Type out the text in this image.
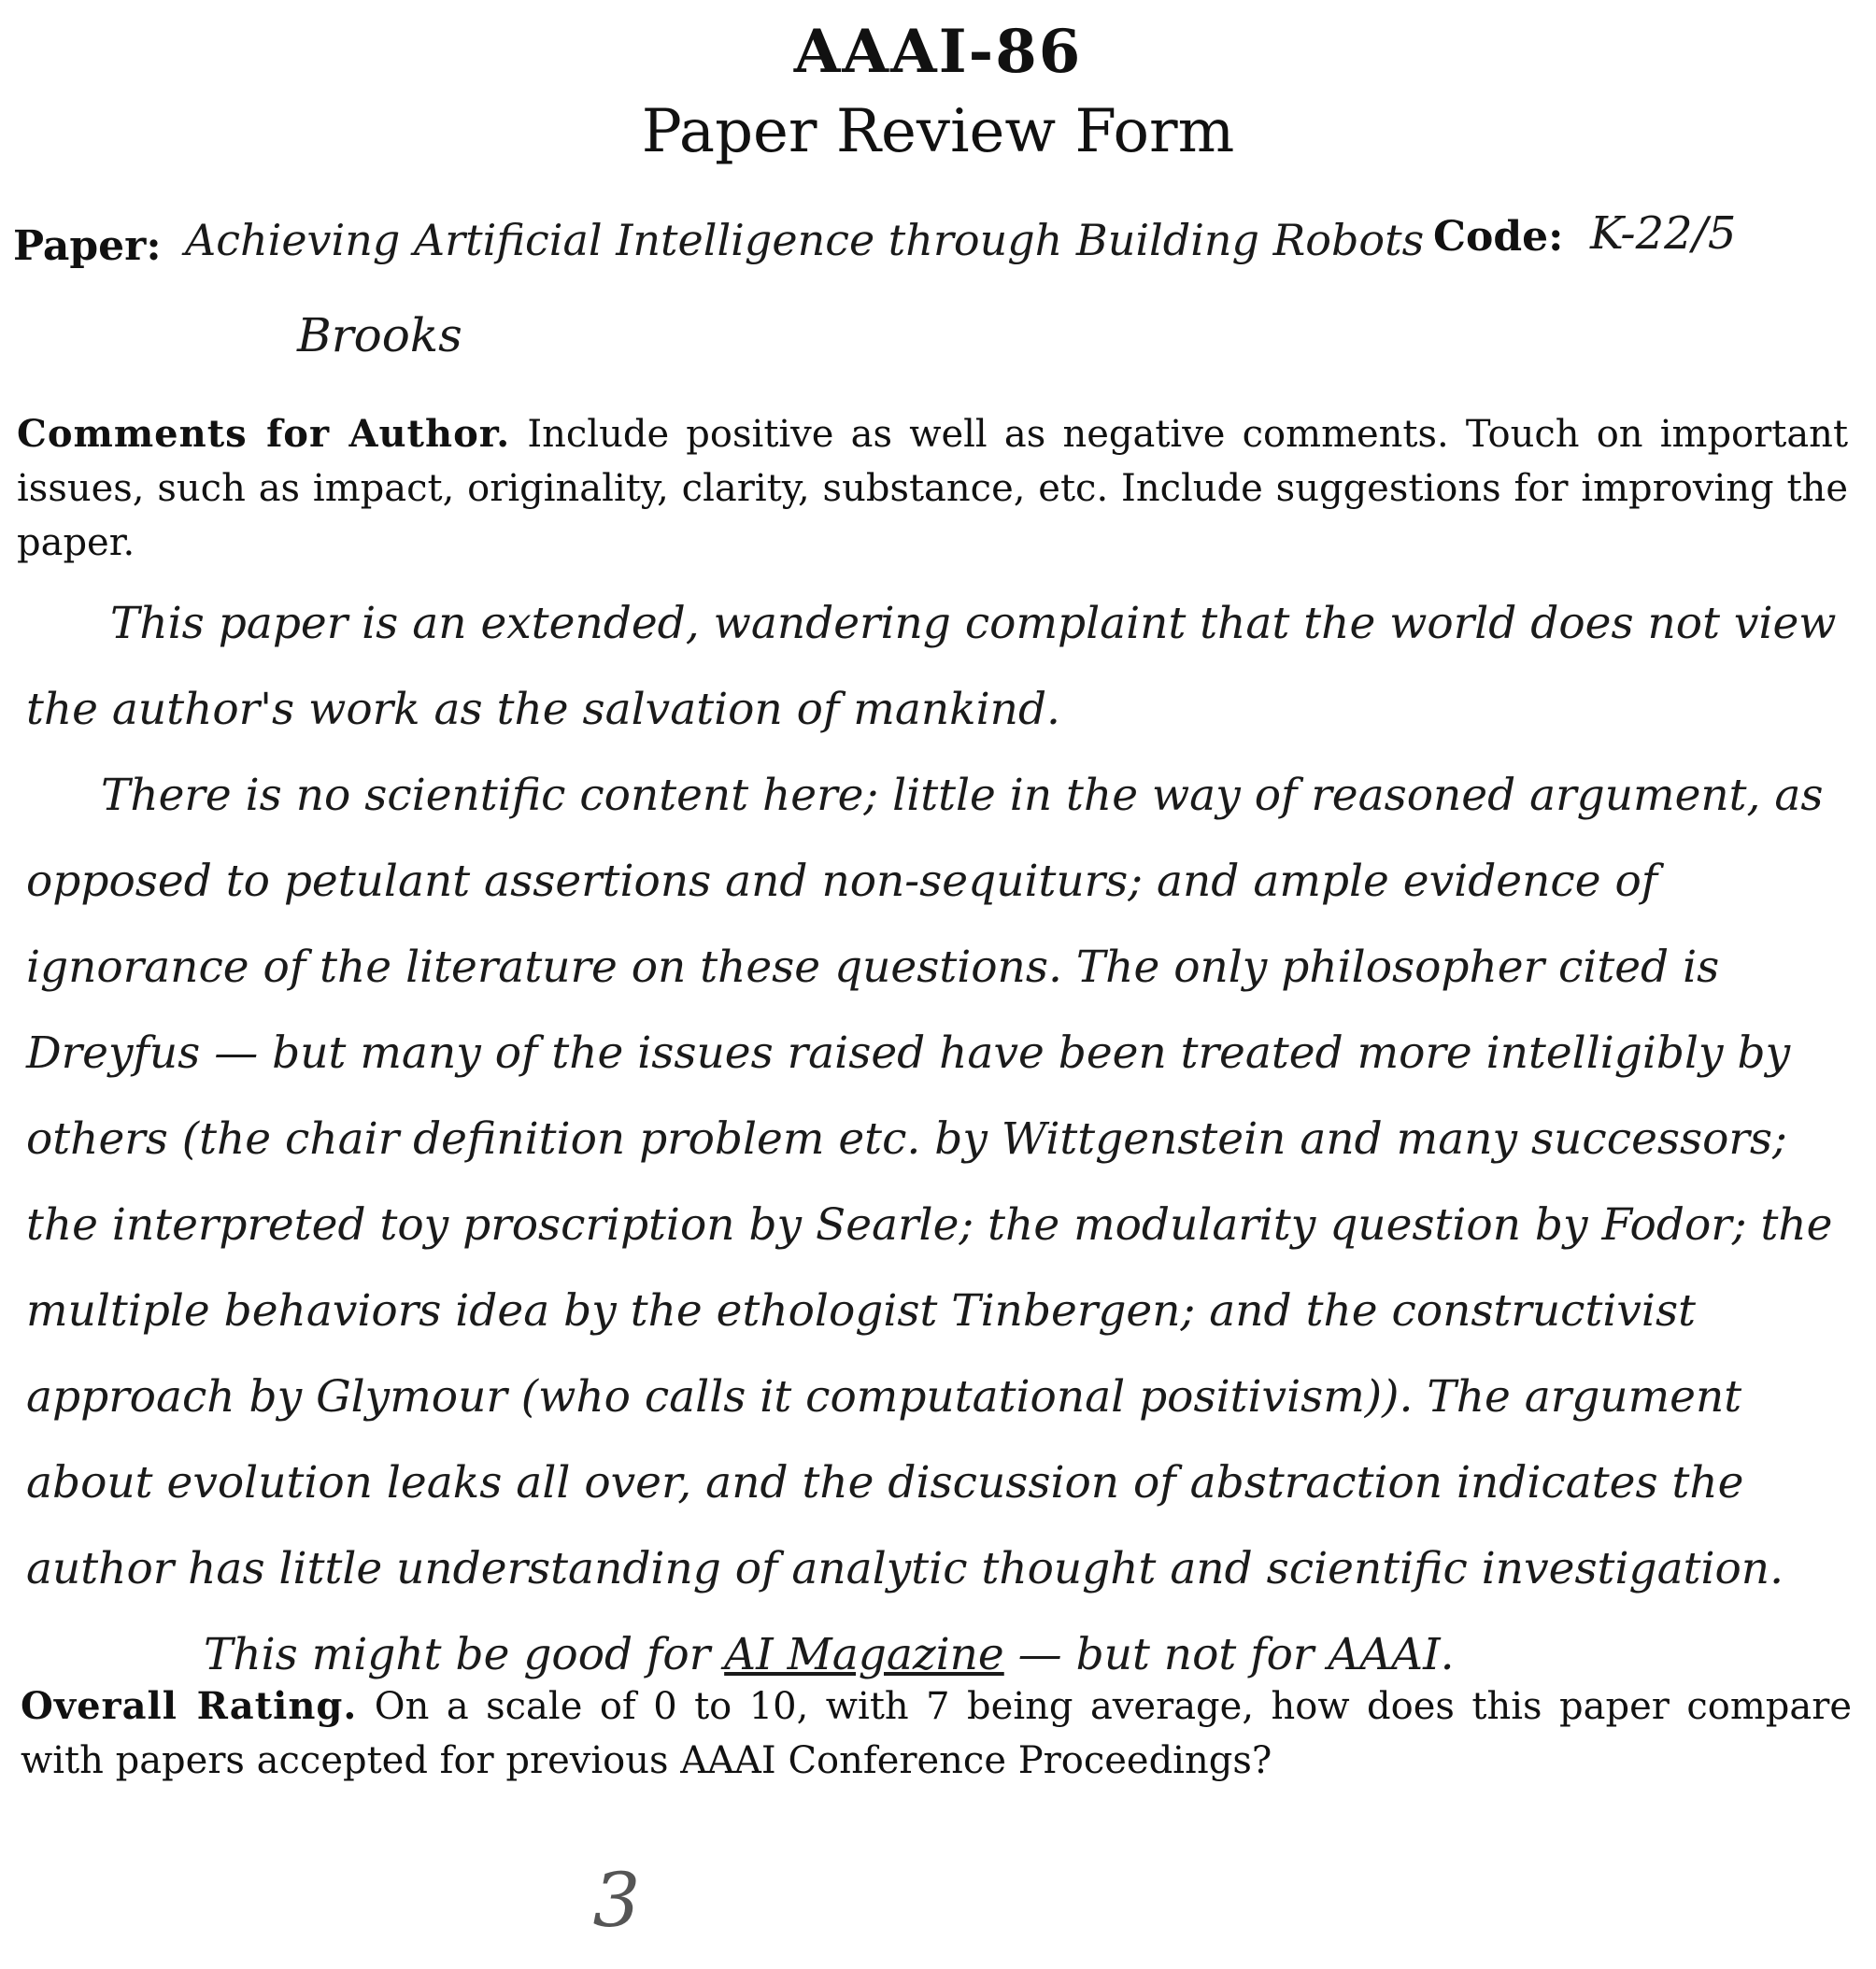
AAAI-86
Paper Review Form
Paper: Achieving Artificial Intelligence through Building Robots Code: K-22/5
Brooks
Comments for Author. Include positive as well as negative comments. Touch on important issues, such as impact, originality, clarity, substance, etc. Include suggestions for improving the paper.

This paper is an extended, wandering complaint that the world does not view the author's work as the salvation of mankind.

There is no scientific content here; little in the way of reasoned argument, as opposed to petulant assertions and non-sequiturs; and ample evidence of ignorance of the literature on these questions. The only philosopher cited is Dreyfus — but many of the issues raised have been treated more intelligibly by others (the chair definition problem etc. by Wittgenstein and many successors; the interpreted toy proscription by Searle; the modularity question by Fodor; the multiple behaviors idea by the ethologist Tinbergen; and the constructivist approach by Glymour (who calls it computational positivism)). The argument about evolution leaks all over, and the discussion of abstraction indicates the author has little understanding of analytic thought and scientific investigation.

This might be good for AI Magazine — but not for AAAI.

Overall Rating. On a scale of 0 to 10, with 7 being average, how does this paper compare with papers accepted for previous AAAI Conference Proceedings?
3
